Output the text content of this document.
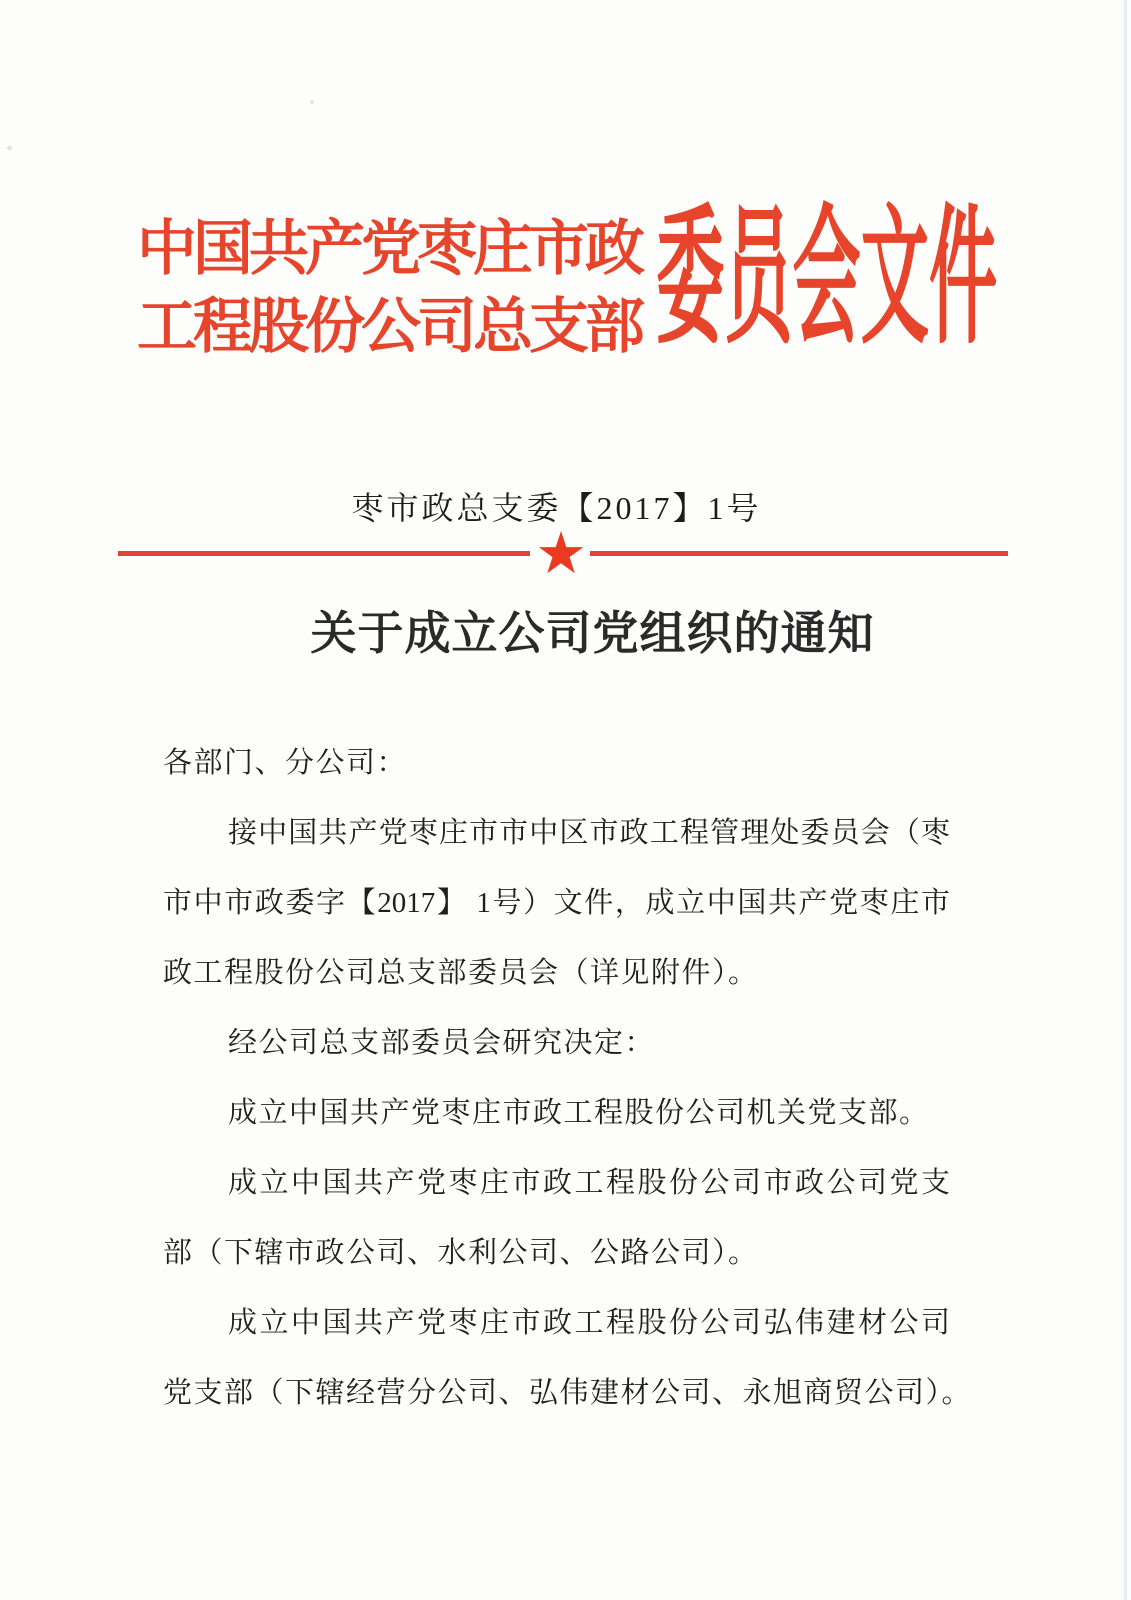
中国共产党枣庄市政
工程股份公司总支部 委员会文件
枣市政总支委【2017】1号
★
关于成立公司党组织的通知
各部门、分公司：
接中国共产党枣庄市市中区市政工程管理处委员会（枣
市中市政委字【2017】 1号）文件，成立中国共产党枣庄市
政工程股份公司总支部委员会（详见附件）。
经公司总支部委员会研究决定：
成立中国共产党枣庄市政工程股份公司机关党支部。
成立中国共产党枣庄市政工程股份公司市政公司党支
部（下辖市政公司、水利公司、公路公司）。
成立中国共产党枣庄市政工程股份公司弘伟建材公司
党支部（下辖经营分公司、弘伟建材公司、永旭商贸公司）。
